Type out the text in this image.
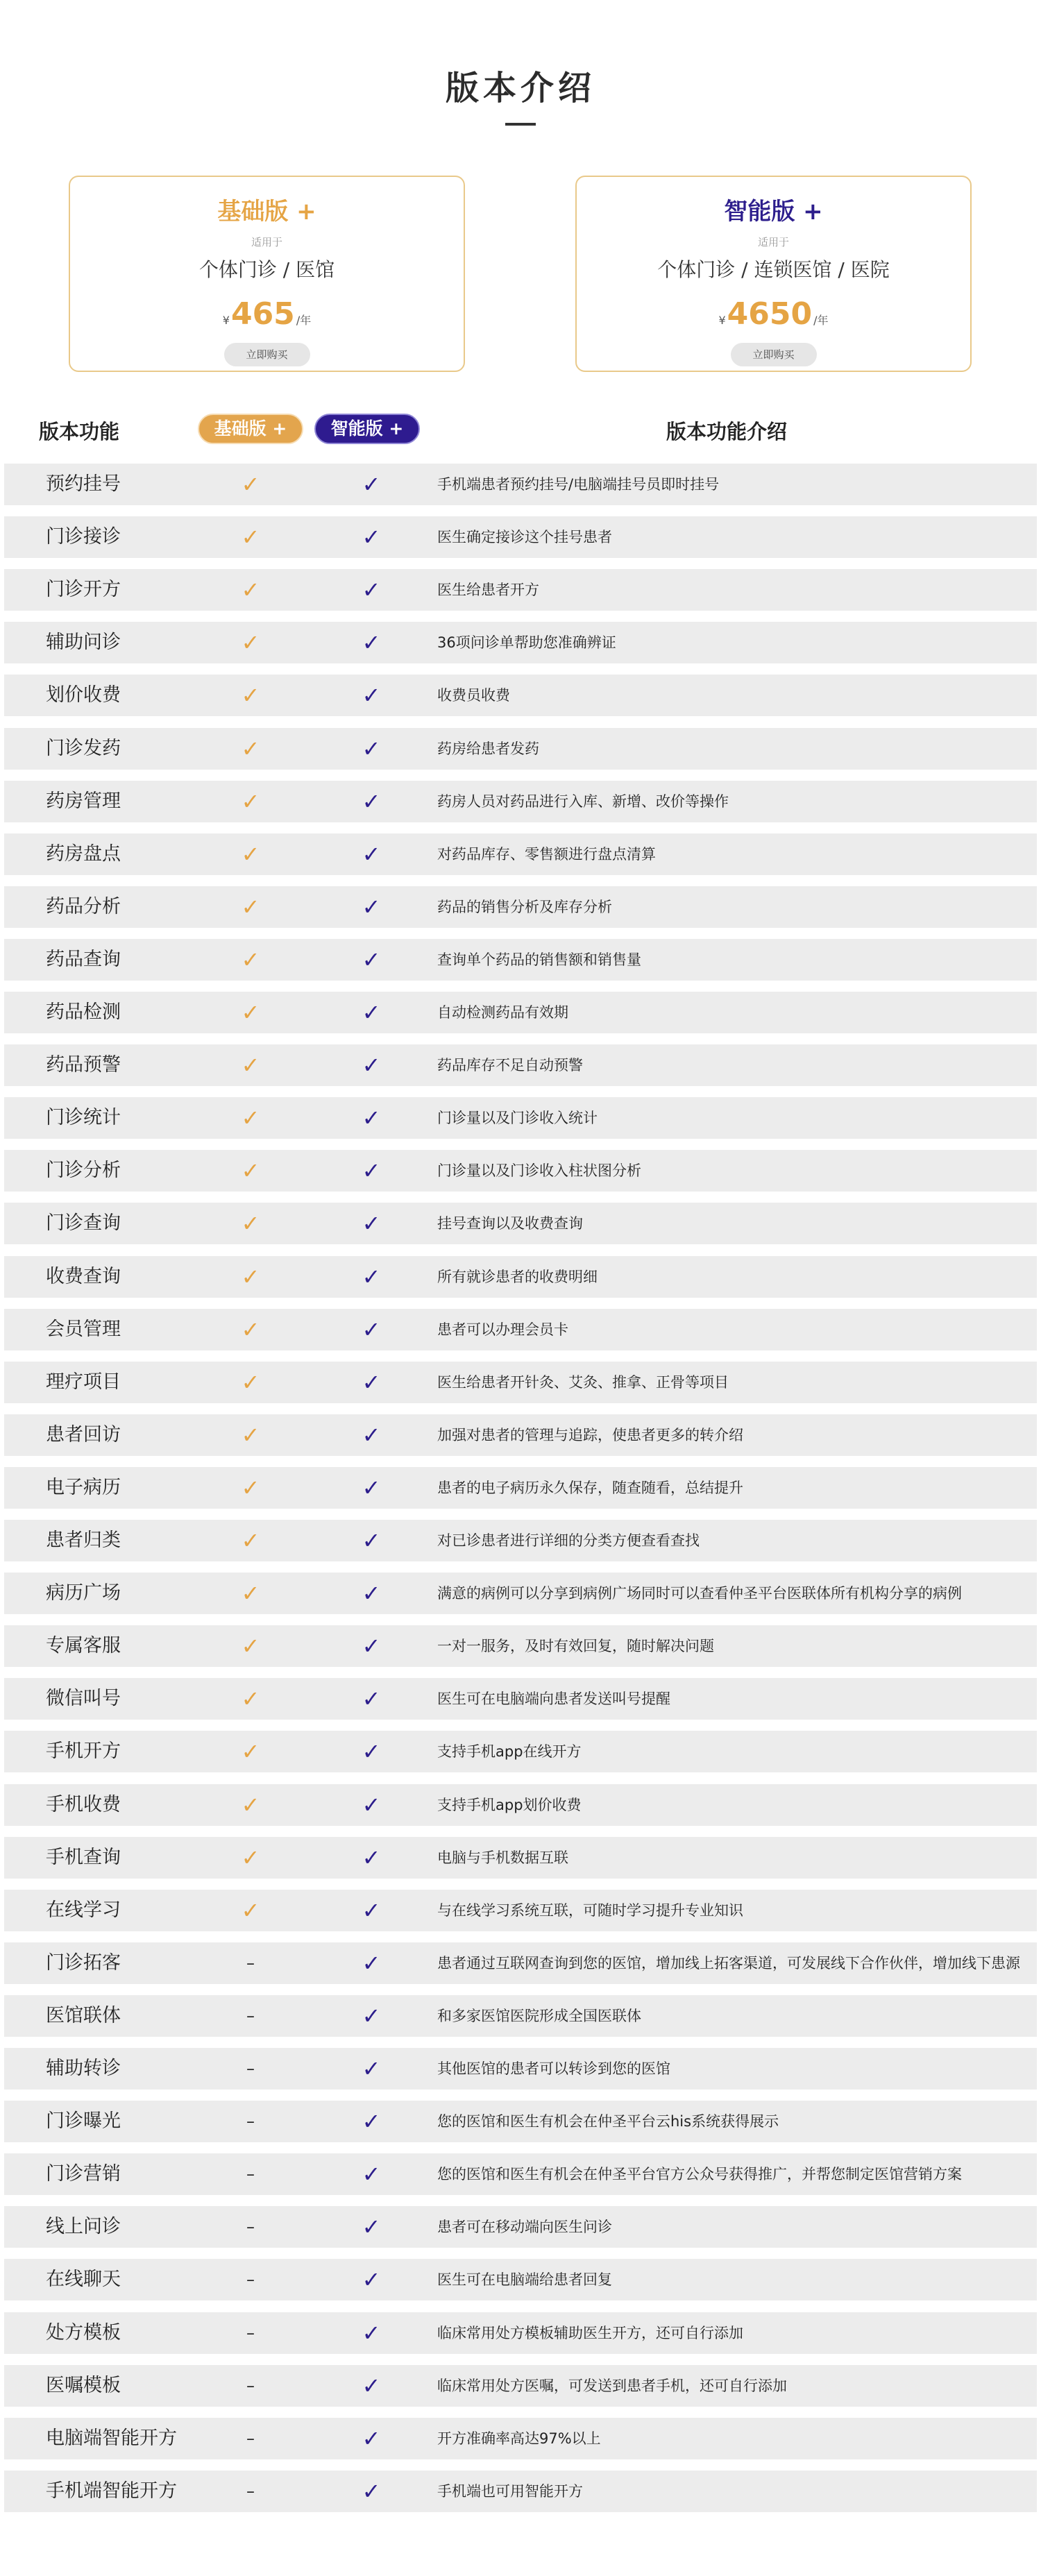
版本介绍
基础版 +
适用于
个体门诊 / 医馆
¥465 /年
立即购买
智能版 +
适用于
个体门诊 / 连锁医馆 / 医院
¥4650 /年
立即购买
版本功能	基础版 +	智能版 +	版本功能介绍
预约挂号	✓	✓	手机端患者预约挂号/电脑端挂号员即时挂号
门诊接诊	✓	✓	医生确定接诊这个挂号患者
门诊开方	✓	✓	医生给患者开方
辅助问诊	✓	✓	36项问诊单帮助您准确辨证
划价收费	✓	✓	收费员收费
门诊发药	✓	✓	药房给患者发药
药房管理	✓	✓	药房人员对药品进行入库、新增、改价等操作
药房盘点	✓	✓	对药品库存、零售额进行盘点清算
药品分析	✓	✓	药品的销售分析及库存分析
药品查询	✓	✓	查询单个药品的销售额和销售量
药品检测	✓	✓	自动检测药品有效期
药品预警	✓	✓	药品库存不足自动预警
门诊统计	✓	✓	门诊量以及门诊收入统计
门诊分析	✓	✓	门诊量以及门诊收入柱状图分析
门诊查询	✓	✓	挂号查询以及收费查询
收费查询	✓	✓	所有就诊患者的收费明细
会员管理	✓	✓	患者可以办理会员卡
理疗项目	✓	✓	医生给患者开针灸、艾灸、推拿、正骨等项目
患者回访	✓	✓	加强对患者的管理与追踪，使患者更多的转介绍
电子病历	✓	✓	患者的电子病历永久保存，随查随看，总结提升
患者归类	✓	✓	对已诊患者进行详细的分类方便查看查找
病历广场	✓	✓	满意的病例可以分享到病例广场同时可以查看仲圣平台医联体所有机构分享的病例
专属客服	✓	✓	一对一服务，及时有效回复，随时解决问题
微信叫号	✓	✓	医生可在电脑端向患者发送叫号提醒
手机开方	✓	✓	支持手机app在线开方
手机收费	✓	✓	支持手机app划价收费
手机查询	✓	✓	电脑与手机数据互联
在线学习	✓	✓	与在线学习系统互联，可随时学习提升专业知识
门诊拓客	–	✓	患者通过互联网查询到您的医馆，增加线上拓客渠道，可发展线下合作伙伴，增加线下患源
医馆联体	–	✓	和多家医馆医院形成全国医联体
辅助转诊	–	✓	其他医馆的患者可以转诊到您的医馆
门诊曝光	–	✓	您的医馆和医生有机会在仲圣平台云his系统获得展示
门诊营销	–	✓	您的医馆和医生有机会在仲圣平台官方公众号获得推广，并帮您制定医馆营销方案
线上问诊	–	✓	患者可在移动端向医生问诊
在线聊天	–	✓	医生可在电脑端给患者回复
处方模板	–	✓	临床常用处方模板辅助医生开方，还可自行添加
医嘱模板	–	✓	临床常用处方医嘱，可发送到患者手机，还可自行添加
电脑端智能开方	–	✓	开方准确率高达97%以上
手机端智能开方	–	✓	手机端也可用智能开方
